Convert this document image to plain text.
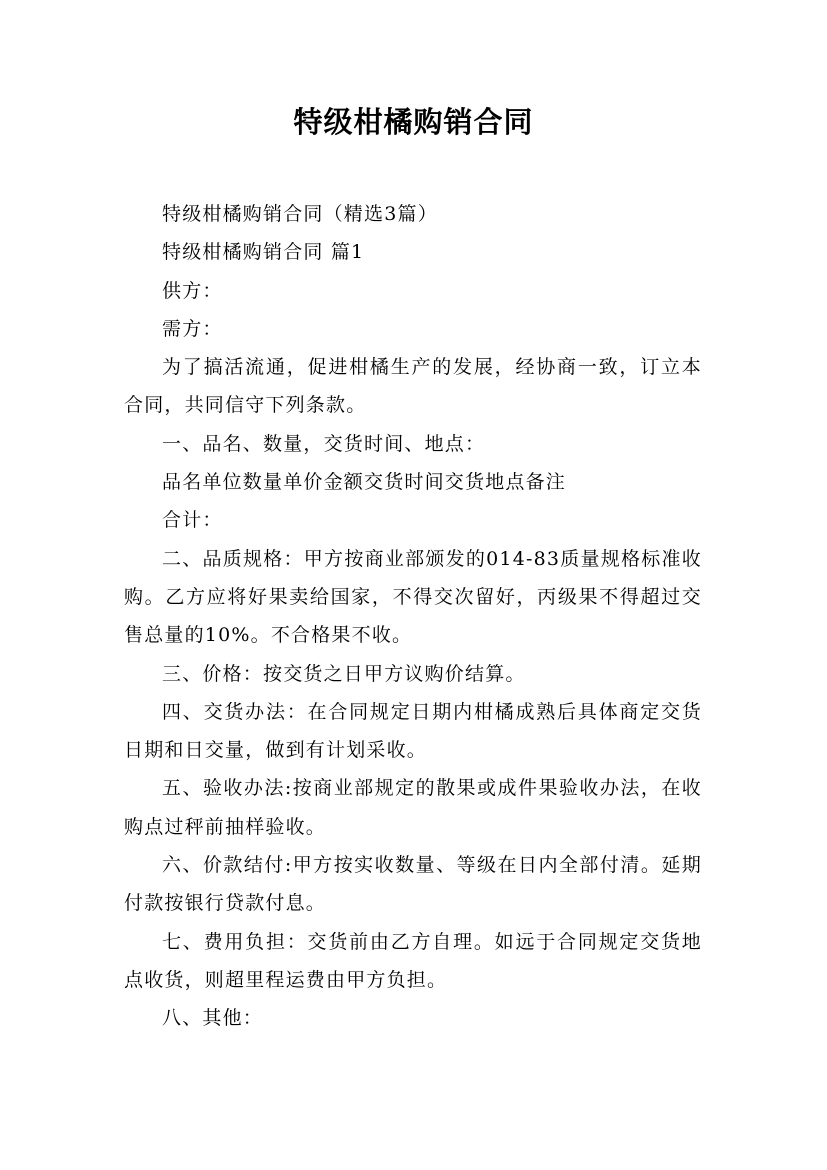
特级柑橘购销合同

特级柑橘购销合同（精选3篇）

特级柑橘购销合同 篇1

供方：

需方：

为了搞活流通，促进柑橘生产的发展，经协商一致，订立本合同，共同信守下列条款。

一、品名、数量，交货时间、地点：

品名单位数量单价金额交货时间交货地点备注

合计：

二、品质规格：甲方按商业部颁发的014-83质量规格标准收购。乙方应将好果卖给国家，不得交次留好，丙级果不得超过交售总量的10%。不合格果不收。

三、价格：按交货之日甲方议购价结算。

四、交货办法：在合同规定日期内柑橘成熟后具体商定交货日期和日交量，做到有计划采收。

五、验收办法:按商业部规定的散果或成件果验收办法，在收购点过秤前抽样验收。

六、价款结付:甲方按实收数量、等级在日内全部付清。延期付款按银行贷款付息。

七、费用负担：交货前由乙方自理。如远于合同规定交货地点收货，则超里程运费由甲方负担。

八、其他：
